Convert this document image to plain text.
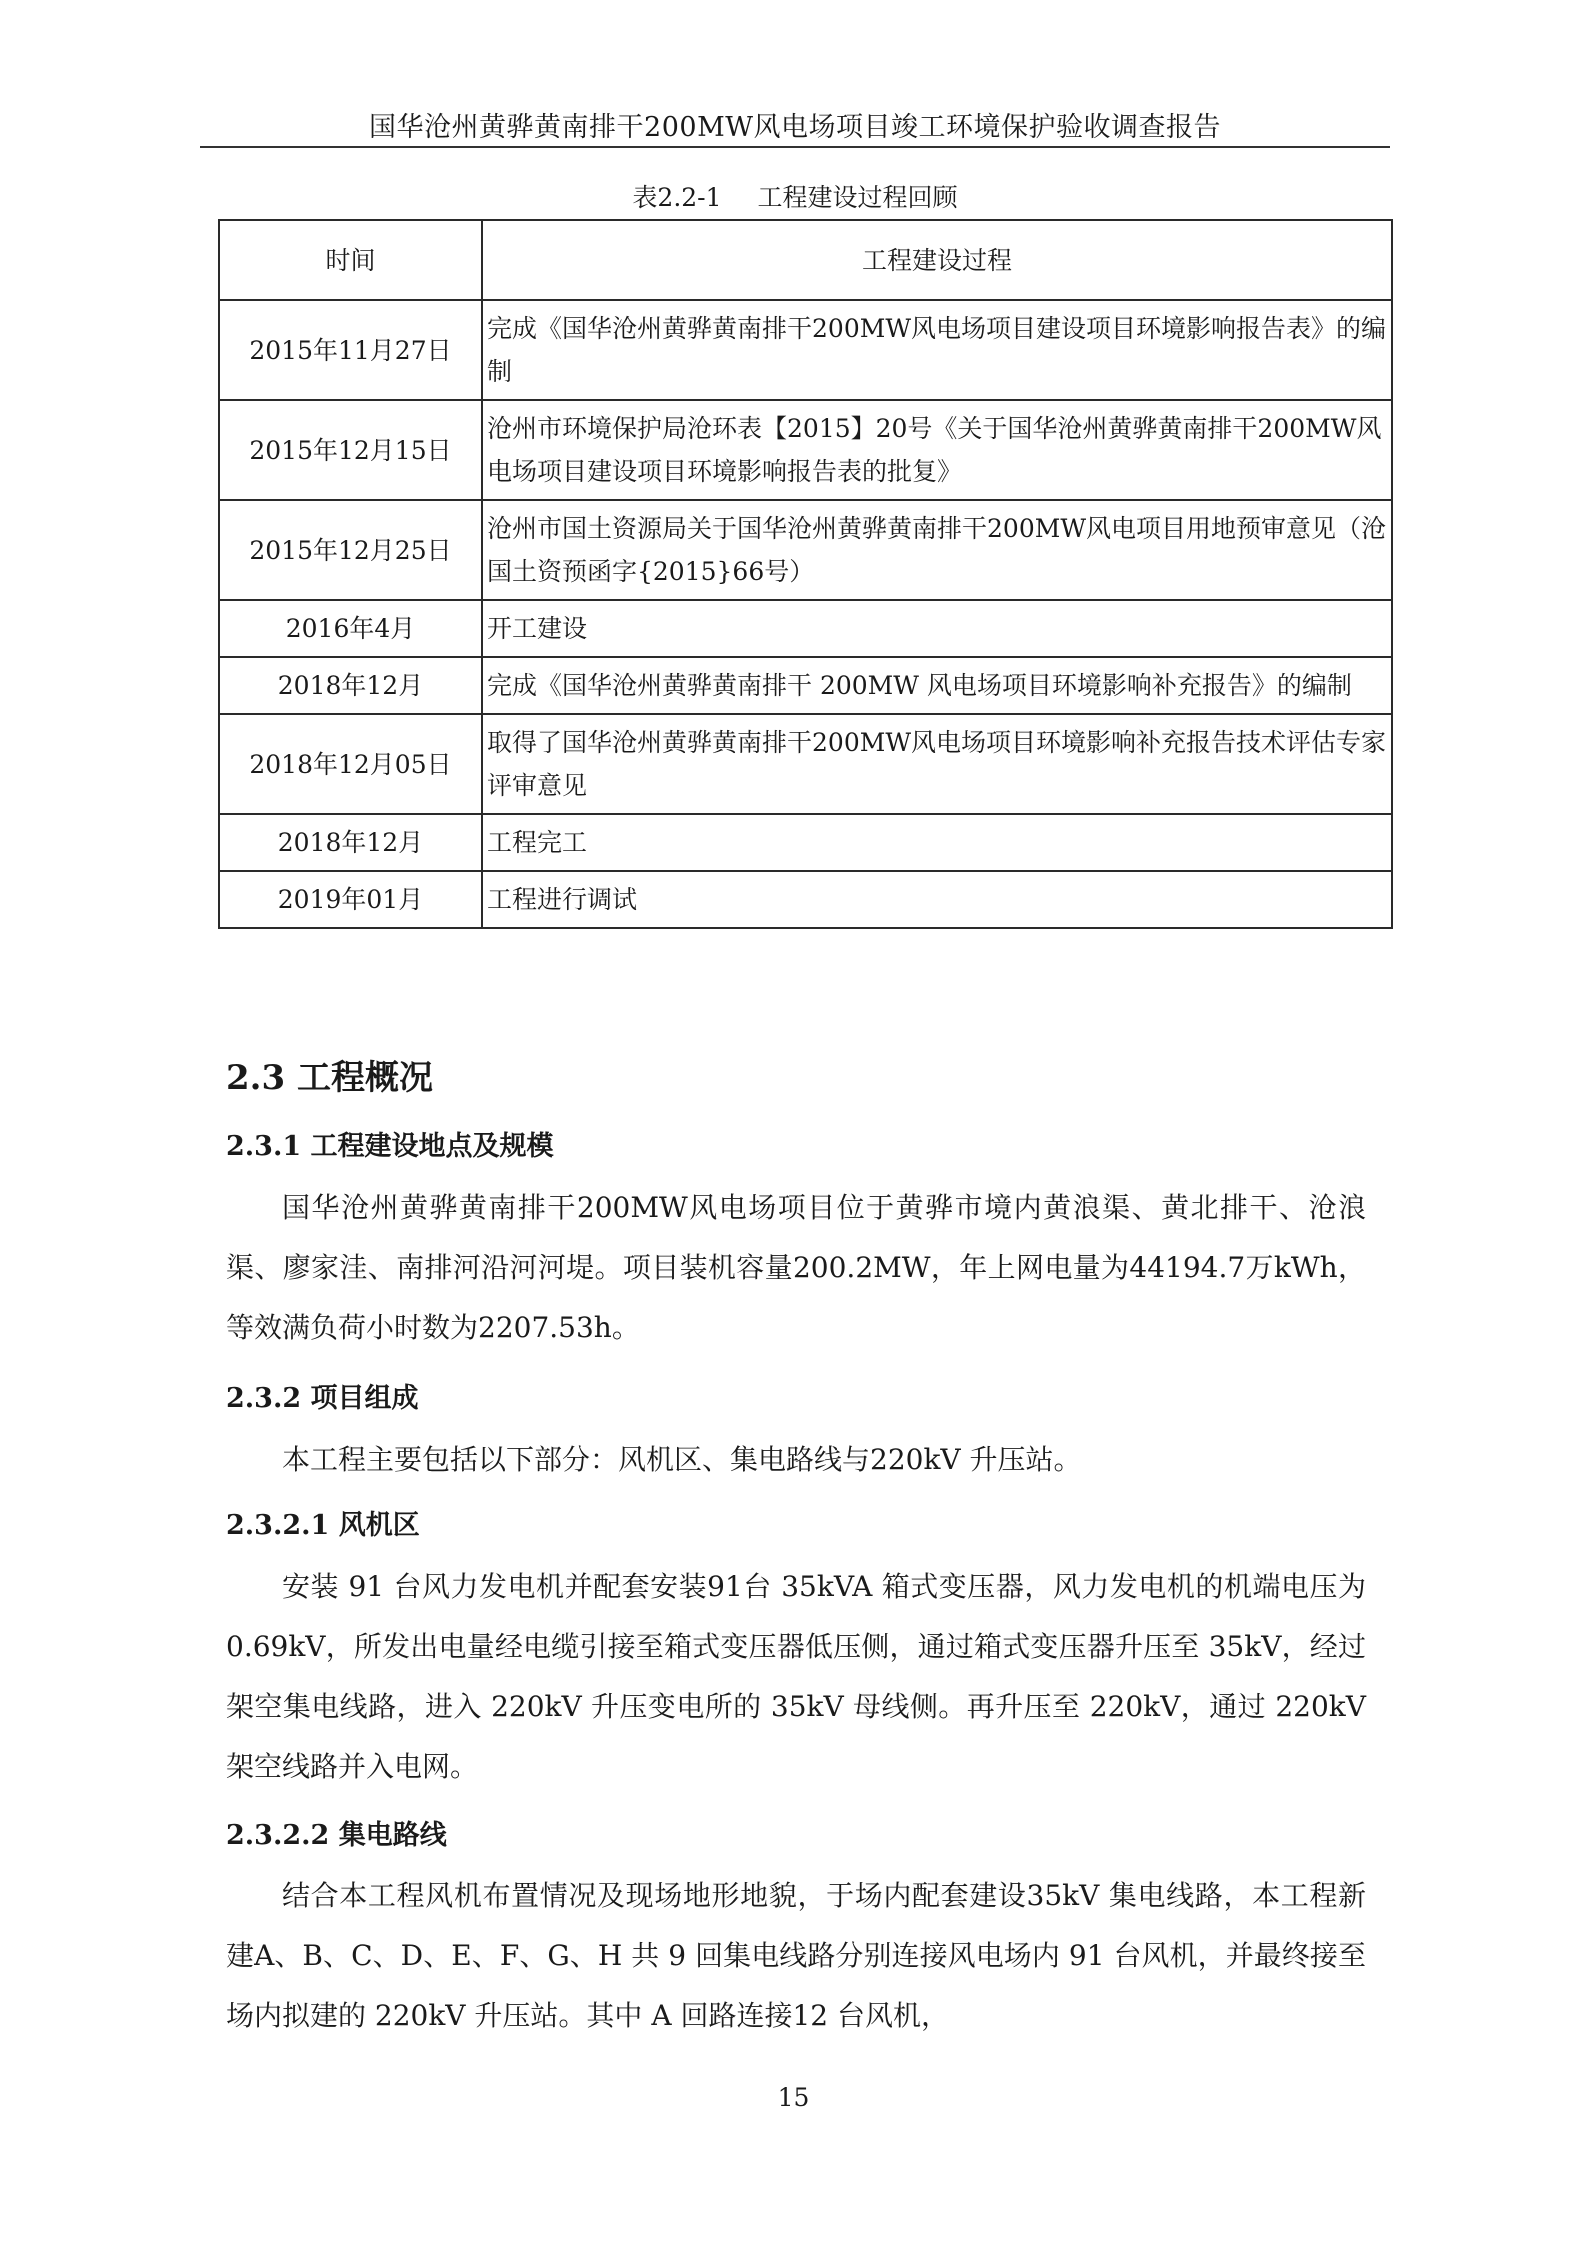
国华沧州黄骅黄南排干200MW风电场项目竣工环境保护验收调查报告
表2.2-1 工程建设过程回顾
时间	工程建设过程
2015年11月27日	完成《国华沧州黄骅黄南排干200MW风电场项目建设项目环境影响报告表》的编制
2015年12月15日	沧州市环境保护局沧环表【2015】20号《关于国华沧州黄骅黄南排干200MW风电场项目建设项目环境影响报告表的批复》
2015年12月25日	沧州市国土资源局关于国华沧州黄骅黄南排干200MW风电项目用地预审意见（沧国土资预函字{2015}66号）
2016年4月	开工建设
2018年12月	完成《国华沧州黄骅黄南排干 200MW 风电场项目环境影响补充报告》的编制
2018年12月05日	取得了国华沧州黄骅黄南排干200MW风电场项目环境影响补充报告技术评估专家评审意见
2018年12月	工程完工
2019年01月	工程进行调试
2.3 工程概况
2.3.1 工程建设地点及规模

国华沧州黄骅黄南排干200MW风电场项目位于黄骅市境内黄浪渠、黄北排干、沧浪渠、廖家洼、南排河沿河河堤。项目装机容量200.2MW，年上网电量为44194.7万kWh，等效满负荷小时数为2207.53h。

2.3.2 项目组成

本工程主要包括以下部分：风机区、集电路线与220kV 升压站。

2.3.2.1 风机区

安装 91 台风力发电机并配套安装91台 35kVA 箱式变压器，风力发电机的机端电压为 0.69kV，所发出电量经电缆引接至箱式变压器低压侧，通过箱式变压器升压至 35kV，经过架空集电线路，进入 220kV 升压变电所的 35kV 母线侧。再升压至 220kV，通过 220kV 架空线路并入电网。

2.3.2.2 集电路线

结合本工程风机布置情况及现场地形地貌，于场内配套建设35kV 集电线路，本工程新建A、B、C、D、E、F、G、H 共 9 回集电线路分别连接风电场内 91 台风机，并最终接至场内拟建的 220kV 升压站。其中 A 回路连接12 台风机，

15
